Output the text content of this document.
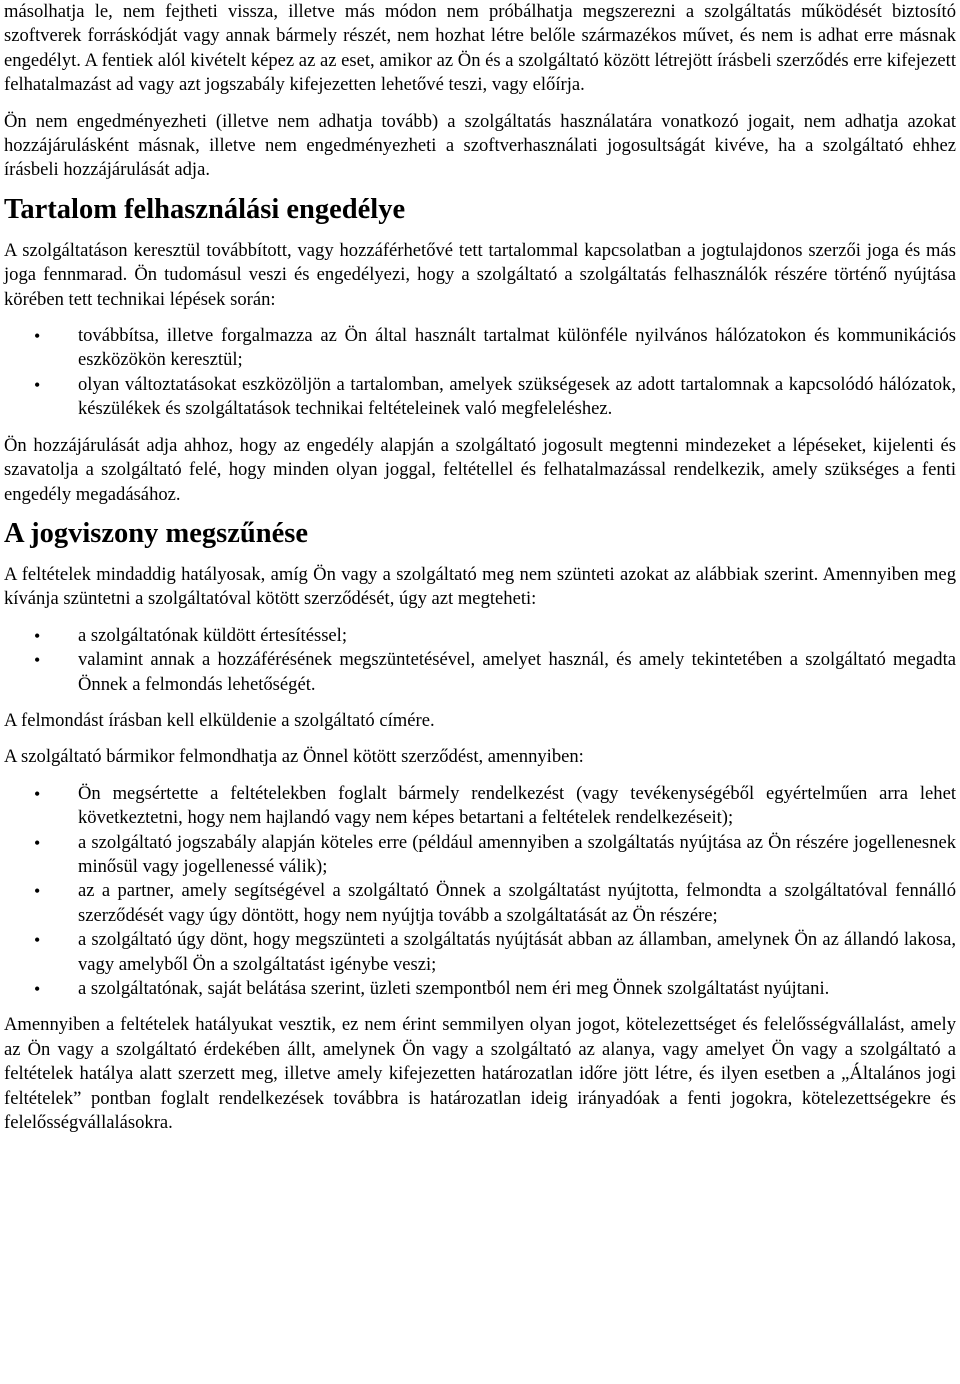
másolhatja le, nem fejtheti vissza, illetve más módon nem próbálhatja megszerezni a szolgáltatás működését biztosító szoftverek forráskódját vagy annak bármely részét, nem hozhat létre belőle származékos művet, és nem is adhat erre másnak engedélyt. A fentiek alól kivételt képez az az eset, amikor az Ön és a szolgáltató között létrejött írásbeli szerződés erre kifejezett felhatalmazást ad vagy azt jogszabály kifejezetten lehetővé teszi, vagy előírja.

Ön nem engedményezheti (illetve nem adhatja tovább) a szolgáltatás használatára vonatkozó jogait, nem adhatja azokat hozzájárulásként másnak, illetve nem engedményezheti a szoftverhasználati jogosultságát kivéve, ha a szolgáltató ehhez írásbeli hozzájárulását adja.

Tartalom felhasználási engedélye

A szolgáltatáson keresztül továbbított, vagy hozzáférhetővé tett tartalommal kapcsolatban a jogtulajdonos szerzői joga és más joga fennmarad. Ön tudomásul veszi és engedélyezi, hogy a szolgáltató a szolgáltatás felhasználók részére történő nyújtása körében tett technikai lépések során:

•
továbbítsa, illetve forgalmazza az Ön által használt tartalmat különféle nyilvános hálózatokon és kommunikációs eszközökön keresztül;
•
olyan változtatásokat eszközöljön a tartalomban, amelyek szükségesek az adott tartalomnak a kapcsolódó hálózatok, készülékek és szolgáltatások technikai feltételeinek való megfeleléshez.

Ön hozzájárulását adja ahhoz, hogy az engedély alapján a szolgáltató jogosult megtenni mindezeket a lépéseket, kijelenti és szavatolja a szolgáltató felé, hogy minden olyan joggal, feltétellel és felhatalmazással rendelkezik, amely szükséges a fenti engedély megadásához.

A jogviszony megszűnése

A feltételek mindaddig hatályosak, amíg Ön vagy a szolgáltató meg nem szünteti azokat az alábbiak szerint. Amennyiben meg kívánja szüntetni a szolgáltatóval kötött szerződését, úgy azt megteheti:

•
a szolgáltatónak küldött értesítéssel;
•
valamint annak a hozzáférésének megszüntetésével, amelyet használ, és amely tekintetében a szolgáltató megadta Önnek a felmondás lehetőségét.

A felmondást írásban kell elküldenie a szolgáltató címére.

A szolgáltató bármikor felmondhatja az Önnel kötött szerződést, amennyiben:

•
Ön megsértette a feltételekben foglalt bármely rendelkezést (vagy tevékenységéből egyértelműen arra lehet következtetni, hogy nem hajlandó vagy nem képes betartani a feltételek rendelkezéseit);
•
a szolgáltató jogszabály alapján köteles erre (például amennyiben a szolgáltatás nyújtása az Ön részére jogellenesnek minősül vagy jogellenessé válik);
•
az a partner, amely segítségével a szolgáltató Önnek a szolgáltatást nyújtotta, felmondta a szolgáltatóval fennálló szerződését vagy úgy döntött, hogy nem nyújtja tovább a szolgáltatását az Ön részére;
•
a szolgáltató úgy dönt, hogy megszünteti a szolgáltatás nyújtását abban az államban, amelynek Ön az állandó lakosa, vagy amelyből Ön a szolgáltatást igénybe veszi;
•
a szolgáltatónak, saját belátása szerint, üzleti szempontból nem éri meg Önnek szolgáltatást nyújtani.

Amennyiben a feltételek hatályukat vesztik, ez nem érint semmilyen olyan jogot, kötelezettséget és felelősségvállalást, amely az Ön vagy a szolgáltató érdekében állt, amelynek Ön vagy a szolgáltató az alanya, vagy amelyet Ön vagy a szolgáltató a feltételek hatálya alatt szerzett meg, illetve amely kifejezetten határozatlan időre jött létre, és ilyen esetben a „Általános jogi feltételek” pontban foglalt rendelkezések továbbra is határozatlan ideig irányadóak a fenti jogokra, kötelezettségekre és felelősségvállalásokra.
